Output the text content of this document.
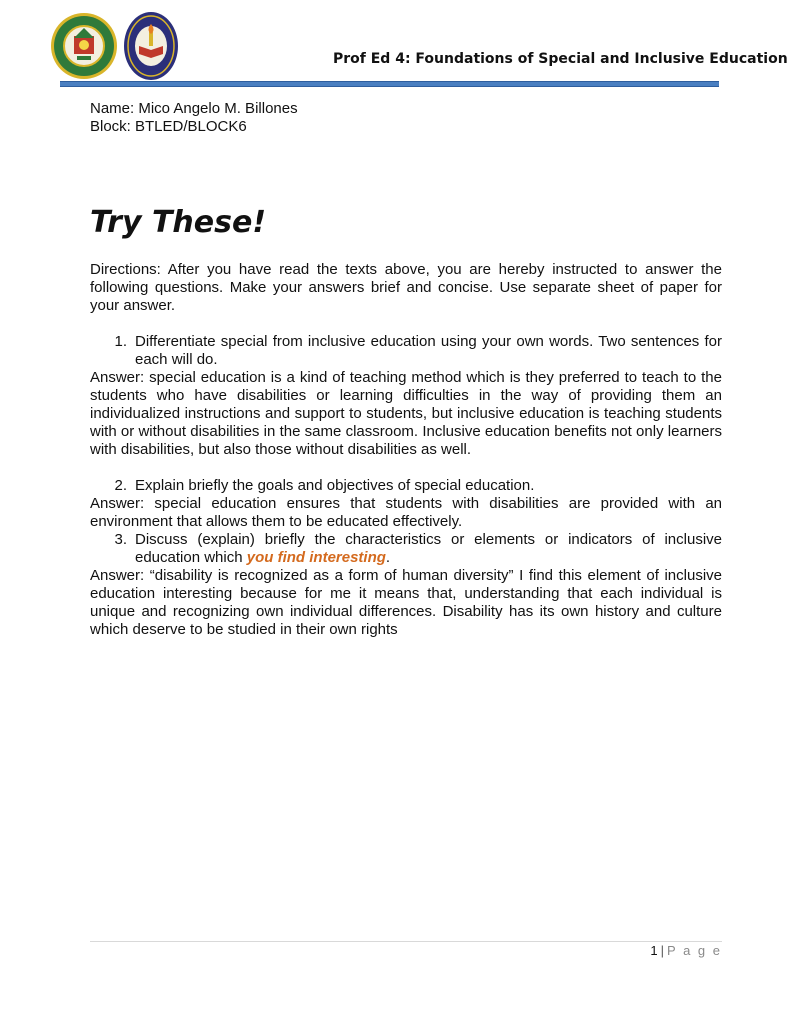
Prof Ed 4: Foundations of Special and Inclusive Education
Name: Mico Angelo M. Billones
Block: BTLED/BLOCK6
Try These!

Directions: After you have read the texts above, you are hereby instructed to answer the following questions. Make your answers brief and concise. Use separate sheet of paper for your answer.

1. Differentiate special from inclusive education using your own words. Two sentences for each will do.

Answer: special education is a kind of teaching method which is they preferred to teach to the students who have disabilities or learning difficulties in the way of providing them an individualized instructions and support to students, but inclusive education is teaching students with or without disabilities in the same classroom. Inclusive education benefits not only learners with disabilities, but also those without disabilities as well.

2. Explain briefly the goals and objectives of special education.

Answer: special education ensures that students with disabilities are provided with an environment that allows them to be educated effectively.

3. Discuss (explain) briefly the characteristics or elements or indicators of inclusive education which you find interesting.

Answer: “disability is recognized as a form of human diversity” I find this element of inclusive education interesting because for me it means that, understanding that each individual is unique and recognizing own individual differences. Disability has its own history and culture which deserve to be studied in their own rights

1 | P a g e
